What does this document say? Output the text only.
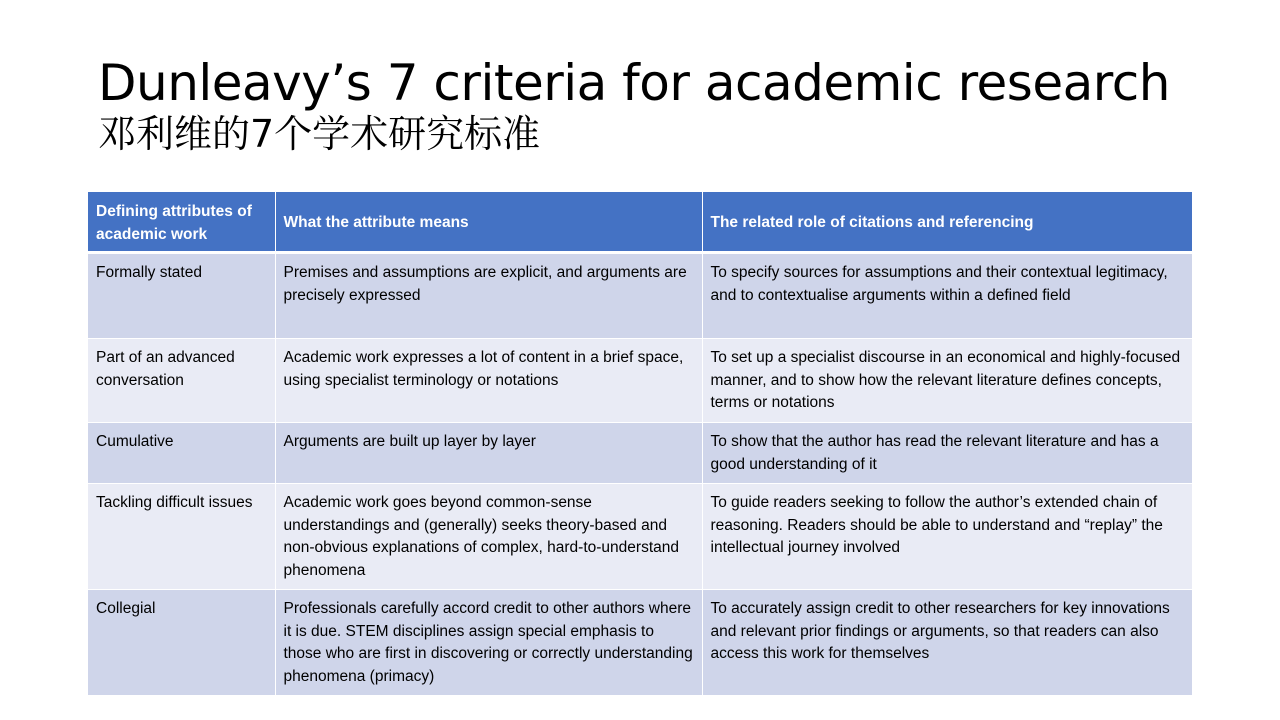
Dunleavy’s 7 criteria for academic research
邓利维的7个学术研究标准
Defining attributes of academic work	What the attribute means	The related role of citations and referencing
Formally stated	Premises and assumptions are explicit, and arguments are precisely expressed	To specify sources for assumptions and their contextual legitimacy, and to contextualise arguments within a defined field
Part of an advanced conversation	Academic work expresses a lot of content in a brief space, using specialist terminology or notations	To set up a specialist discourse in an economical and highly-focused manner, and to show how the relevant literature defines concepts, terms or notations
Cumulative	Arguments are built up layer by layer	To show that the author has read the relevant literature and has a good understanding of it
Tackling difficult issues	Academic work goes beyond common-sense understandings and (generally) seeks theory-based and non-obvious explanations of complex, hard-to-understand phenomena	To guide readers seeking to follow the author’s extended chain of reasoning. Readers should be able to understand and “replay” the intellectual journey involved
Collegial	Professionals carefully accord credit to other authors where it is due. STEM disciplines assign special emphasis to those who are first in discovering or correctly understanding phenomena (primacy)	To accurately assign credit to other researchers for key innovations and relevant prior findings or arguments, so that readers can also access this work for themselves
